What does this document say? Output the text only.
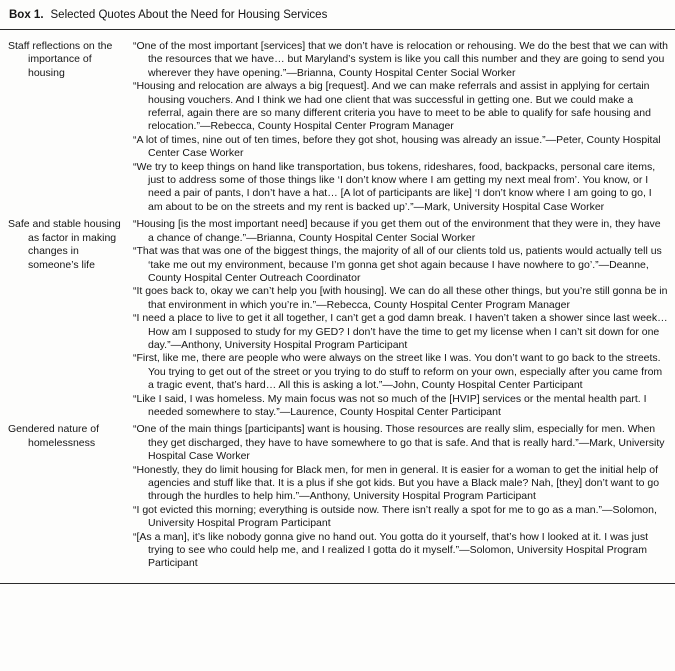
Box 1. Selected Quotes About the Need for Housing Services
Staff reflections on the importance of housing

“One of the most important [services] that we don’t have is relocation or rehousing. We do the best that we can with the resources that we have… but Maryland’s system is like you call this number and they are going to send you wherever they have opening.”—Brianna, County Hospital Center Social Worker

“Housing and relocation are always a big [request]. And we can make referrals and assist in applying for certain housing vouchers. And I think we had one client that was successful in getting one. But we could make a referral, again there are so many different criteria you have to meet to be able to qualify for safe housing and relocation.”—Rebecca, County Hospital Center Program Manager

“A lot of times, nine out of ten times, before they got shot, housing was already an issue.”—Peter, County Hospital Center Case Worker

“We try to keep things on hand like transportation, bus tokens, rideshares, food, backpacks, personal care items, just to address some of those things like ‘I don’t know where I am getting my next meal from’. You know, or I need a pair of pants, I don’t have a hat… [A lot of participants are like] ‘I don’t know where I am going to go, I am about to be on the streets and my rent is backed up’.”—Mark, University Hospital Case Worker

Safe and stable housing as factor in making changes in someone’s life

“Housing [is the most important need] because if you get them out of the environment that they were in, they have a chance of change.”—Brianna, County Hospital Center Social Worker

“That was that was one of the biggest things, the majority of all of our clients told us, patients would actually tell us ‘take me out my environment, because I’m gonna get shot again because I have nowhere to go’.”—Deanne, County Hospital Center Outreach Coordinator

“It goes back to, okay we can’t help you [with housing]. We can do all these other things, but you’re still gonna be in that environment in which you’re in.”—Rebecca, County Hospital Center Program Manager

“I need a place to live to get it all together, I can’t get a god damn break. I haven’t taken a shower since last week… How am I supposed to study for my GED? I don’t have the time to get my license when I can’t sit down for one day.”—Anthony, University Hospital Program Participant

“First, like me, there are people who were always on the street like I was. You don’t want to go back to the streets. You trying to get out of the street or you trying to do stuff to reform on your own, especially after you came from a tragic event, that’s hard… All this is asking a lot.”—John, County Hospital Center Participant

“Like I said, I was homeless. My main focus was not so much of the [HVIP] services or the mental health part. I needed somewhere to stay.”—Laurence, County Hospital Center Participant

Gendered nature of homelessness

“One of the main things [participants] want is housing. Those resources are really slim, especially for men. When they get discharged, they have to have somewhere to go that is safe. And that is really hard.”—Mark, University Hospital Case Worker

“Honestly, they do limit housing for Black men, for men in general. It is easier for a woman to get the initial help of agencies and stuff like that. It is a plus if she got kids. But you have a Black male? Nah, [they] don’t want to go through the hurdles to help him.”—Anthony, University Hospital Program Participant

“I got evicted this morning; everything is outside now. There isn’t really a spot for me to go as a man.”—Solomon, University Hospital Program Participant

“[As a man], it’s like nobody gonna give no hand out. You gotta do it yourself, that’s how I looked at it. I was just trying to see who could help me, and I realized I gotta do it myself.”—Solomon, University Hospital Program Participant
